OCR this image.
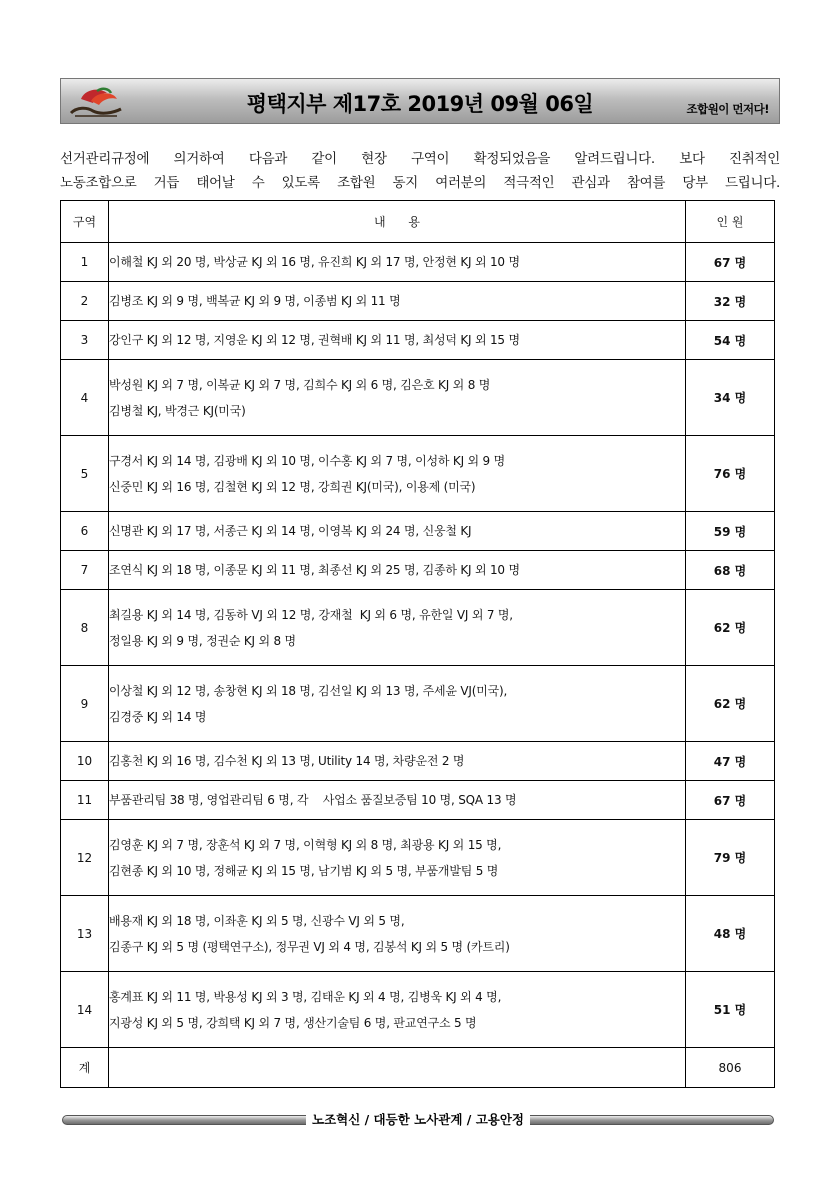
평택지부 제17호 2019년 09월 06일	조합원이 먼저다!

선거관리규정에 의거하여 다음과 같이 현장 구역이 확정되었음을 알려드립니다. 보다 진취적인

노동조합으로 거듭 태어날 수 있도록 조합원 동지 여러분의 적극적인 관심과 참여를 당부 드립니다.

구역	내      용	인 원
1	이해철 KJ 외 20 명, 박상균 KJ 외 16 명, 유진희 KJ 외 17 명, 안정현 KJ 외 10 명	67 명
2	김병조 KJ 외 9 명, 백복균 KJ 외 9 명, 이종범 KJ 외 11 명	32 명
3	강인구 KJ 외 12 명, 지영운 KJ 외 12 명, 권혁배 KJ 외 11 명, 최성덕 KJ 외 15 명	54 명
4	박성원 KJ 외 7 명, 이복균 KJ 외 7 명, 김희수 KJ 외 6 명, 김은호 KJ 외 8 명
김병철 KJ, 박경근 KJ(미국)	34 명
5	구경서 KJ 외 14 명, 김광배 KJ 외 10 명, 이수홍 KJ 외 7 명, 이성하 KJ 외 9 명
신중민 KJ 외 16 명, 김철현 KJ 외 12 명, 강희권 KJ(미국), 이용제 (미국)	76 명
6	신명관 KJ 외 17 명, 서종근 KJ 외 14 명, 이영복 KJ 외 24 명, 신웅철 KJ	59 명
7	조연식 KJ 외 18 명, 이종문 KJ 외 11 명, 최종선 KJ 외 25 명, 김종하 KJ 외 10 명	68 명
8	최길용 KJ 외 14 명, 김동하 VJ 외 12 명, 강재철  KJ 외 6 명, 유한일 VJ 외 7 명,
정일용 KJ 외 9 명, 정권순 KJ 외 8 명	62 명
9	이상철 KJ 외 12 명, 송창현 KJ 외 18 명, 김선일 KJ 외 13 명, 주세윤 VJ(미국),
김경중 KJ 외 14 명	62 명
10	김홍천 KJ 외 16 명, 김수천 KJ 외 13 명, Utility 14 명, 차량운전 2 명	47 명
11	부품관리팀 38 명, 영업관리팀 6 명, 각    사업소 품질보증팀 10 명, SQA 13 명	67 명
12	김영훈 KJ 외 7 명, 장훈석 KJ 외 7 명, 이혁형 KJ 외 8 명, 최광용 KJ 외 15 명,
김현종 KJ 외 10 명, 정해균 KJ 외 15 명, 남기범 KJ 외 5 명, 부품개발팀 5 명	79 명
13	배용재 KJ 외 18 명, 이좌훈 KJ 외 5 명, 신광수 VJ 외 5 명,
김종구 KJ 외 5 명 (평택연구소), 정무권 VJ 외 4 명, 김봉석 KJ 외 5 명 (카트리)	48 명
14	홍계표 KJ 외 11 명, 박용성 KJ 외 3 명, 김태운 KJ 외 4 명, 김병욱 KJ 외 4 명,
지광성 KJ 외 5 명, 강희택 KJ 외 7 명, 생산기술팀 6 명, 판교연구소 5 명	51 명
계		806
노조혁신 / 대등한 노사관계 / 고용안정
